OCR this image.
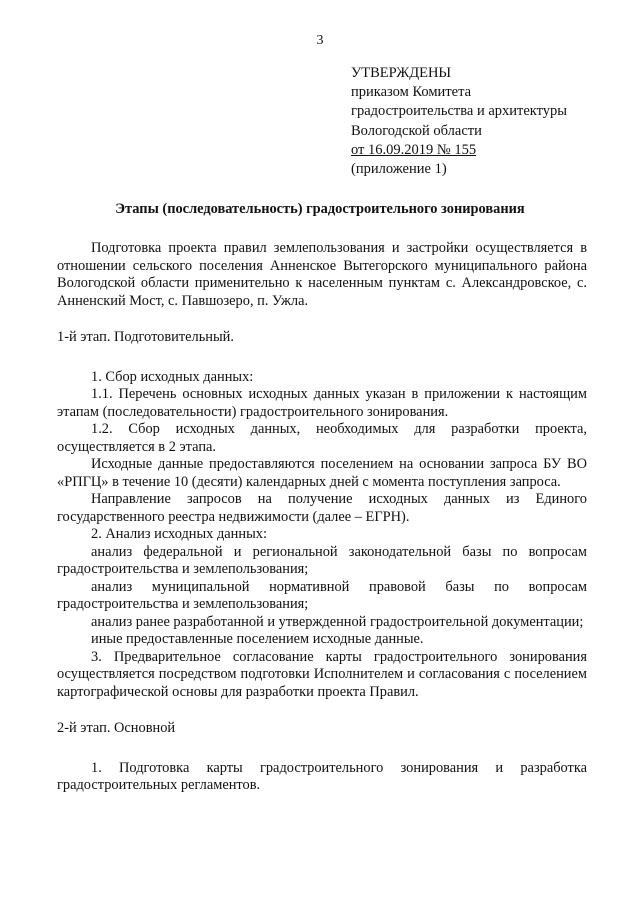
3
УТВЕРЖДЕНЫ
приказом Комитета
градостроительства и архитектуры
Вологодской области
от 16.09.2019 № 155
(приложение 1)
Этапы (последовательность) градостроительного зонирования

Подготовка проекта правил землепользования и застройки осуществляется в отношении сельского поселения Анненское Вытегорского муниципального района Вологодской области применительно к населенным пунктам с. Александровское, с. Анненский Мост, с. Павшозеро, п. Ужла.

1-й этап. Подготовительный.

1. Сбор исходных данных:

1.1. Перечень основных исходных данных указан в приложении к настоящим этапам (последовательности) градостроительного зонирования.

1.2. Сбор исходных данных, необходимых для разработки проекта, осуществляется в 2 этапа.

Исходные данные предоставляются поселением на основании запроса БУ ВО «РПГЦ» в течение 10 (десяти) календарных дней с момента поступления запроса.

Направление запросов на получение исходных данных из Единого государственного реестра недвижимости (далее – ЕГРН).

2. Анализ исходных данных:

анализ федеральной и региональной законодательной базы по вопросам градостроительства и землепользования;

анализ муниципальной нормативной правовой базы по вопросам градостроительства и землепользования;

анализ ранее разработанной и утвержденной градостроительной документации;

иные предоставленные поселением исходные данные.

3. Предварительное согласование карты градостроительного зонирования осуществляется посредством подготовки Исполнителем и согласования с поселением картографической основы для разработки проекта Правил.

2-й этап. Основной

1. Подготовка карты градостроительного зонирования и разработка градостроительных регламентов.
